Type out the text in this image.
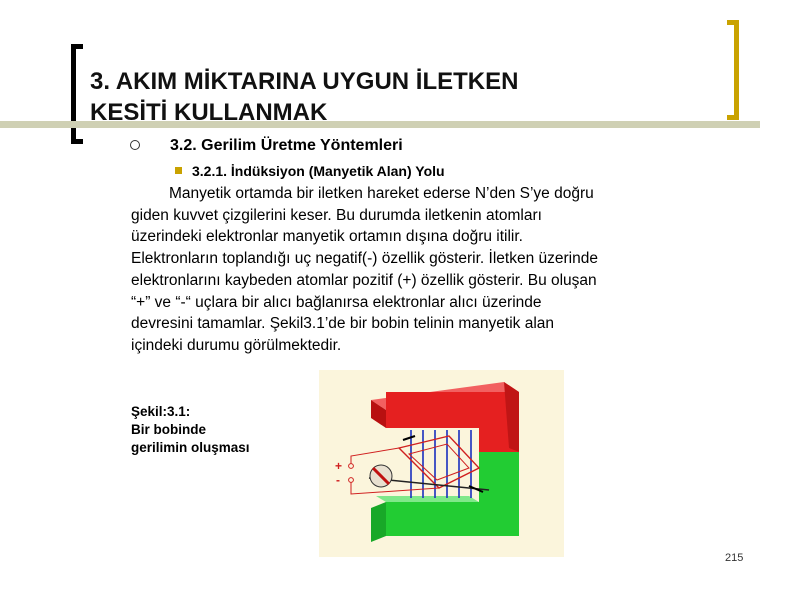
3. AKIM MİKTARINA UYGUN İLETKEN
KESİTİ KULLANMAK
3.2. Gerilim Üretme Yöntemleri
3.2.1. İndüksiyon (Manyetik Alan) Yolu
Manyetik ortamda bir iletken hareket ederse N’den S’ye doğru
giden kuvvet çizgilerini keser. Bu durumda iletkenin atomları
üzerindeki elektronlar manyetik ortamın dışına doğru itilir.
Elektronların toplandığı uç negatif(-) özellik gösterir. İletken üzerinde
elektronlarını kaybeden atomlar pozitif (+) özellik gösterir. Bu oluşan
“+” ve “-“ uçlara bir alıcı bağlanırsa elektronlar alıcı üzerinde
devresini tamamlar. Şekil3.1’de bir bobin telinin manyetik alan
içindeki durumu görülmektedir.
Şekil:3.1:
Bir bobinde
gerilimin oluşması
+
-
215
